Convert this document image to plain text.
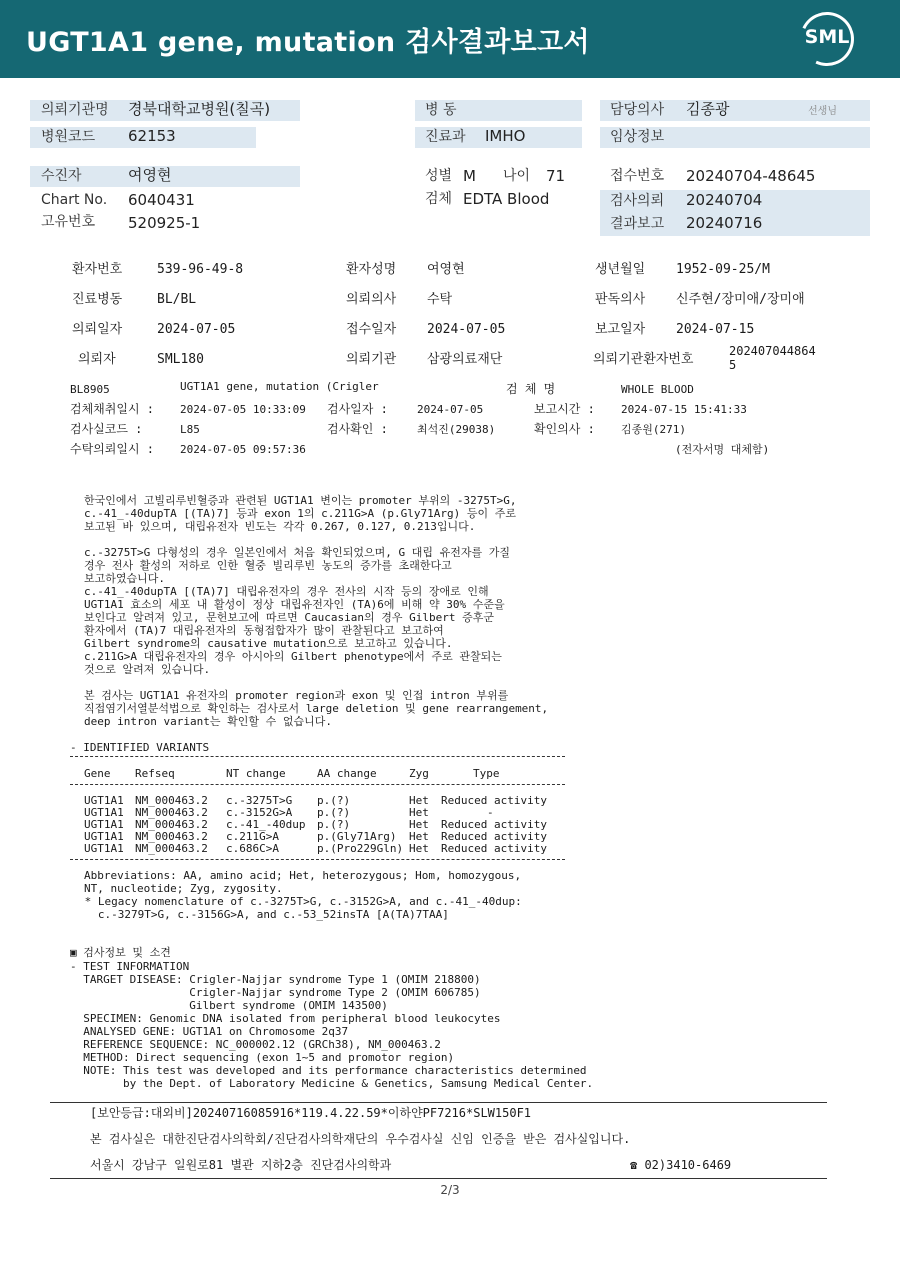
UGT1A1 gene, mutation 검사결과보고서	SML
의뢰기관명 경북대학교병원(칠곡)
병원코드 62153
병 동
진료과 IMHO
담당의사 김종광	선생님
임상정보
수진자	여영현
Chart No. 6040431
고유번호 520925-1
성별 M 나이 71
검체 EDTA Blood
접수번호 20240704-48645
검사의뢰 20240704
결과보고 20240716
환자번호	539-96-49-8	환자성명 여영현	생년월일 1952-09-25/M
진료병동	BL/BL	의뢰의사 수탁	판독의사 신주현/장미애/장미애
의뢰일자	2024-07-05	접수일자 2024-07-05	보고일자 2024-07-15
의뢰자	SML180	의뢰기관 삼광의료재단	의뢰기관환자번호
202407044864
5
BL8905	UGT1A1 gene, mutation (Crigler	검 체 명	WHOLE BLOOD
검체채취일시 : 2024-07-05 10:33:09 검사일자 :	2024-07-05	보고시간 : 2024-07-15 15:41:33
검사실코드 :	L85	검사확인 :	최석진(29038)	확인의사 : 김종원(271)
수탁의뢰일시 : 2024-07-05 09:57:36	(전자서명 대체함)
한국인에서 고빌리루빈혈증과 관련된 UGT1A1 변이는 promoter 부위의 -3275T>G,
c.-41_-40dupTA [(TA)7] 등과 exon 1의 c.211G>A (p.Gly71Arg) 등이 주로
보고된 바 있으며, 대립유전자 빈도는 각각 0.267, 0.127, 0.213입니다.
c.-3275T>G 다형성의 경우 일본인에서 처음 확인되었으며, G 대립 유전자를 가질
경우 전사 활성의 저하로 인한 혈중 빌리루빈 농도의 증가를 초래한다고
보고하였습니다.
c.-41_-40dupTA [(TA)7] 대립유전자의 경우 전사의 시작 등의 장애로 인해
UGT1A1 효소의 세포 내 활성이 정상 대립유전자인 (TA)6에 비해 약 30% 수준을
보인다고 알려져 있고, 문헌보고에 따르면 Caucasian의 경우 Gilbert 증후군
환자에서 (TA)7 대립유전자의 동형접합자가 많이 관찰된다고 보고하여
Gilbert syndrome의 causative mutation으로 보고하고 있습니다.
c.211G>A 대립유전자의 경우 아시아의 Gilbert phenotype에서 주로 관찰되는
것으로 알려져 있습니다.
본 검사는 UGT1A1 유전자의 promoter region과 exon 및 인접 intron 부위를
직접염기서열분석법으로 확인하는 검사로서 large deletion 및 gene rearrangement,
deep intron variant는 확인할 수 없습니다.
- IDENTIFIED VARIANTS
Gene Refseq	NT change	AA change	Zyg	Type
UGT1A1 NM_000463.2 c.-3275T>G p.(?)	Het Reduced activity
UGT1A1 NM_000463.2 c.-3152G>A p.(?)	Het	-
UGT1A1 NM_000463.2 c.-41_-40dup p.(?)	Het Reduced activity
UGT1A1 NM_000463.2 c.211G>A	p.(Gly71Arg) Het Reduced activity
UGT1A1 NM_000463.2 c.686C>A	p.(Pro229Gln) Het Reduced activity
Abbreviations: AA, amino acid; Het, heterozygous; Hom, homozygous,
NT, nucleotide; Zyg, zygosity.
* Legacy nomenclature of c.-3275T>G, c.-3152G>A, and c.-41_-40dup:
c.-3279T>G, c.-3156G>A, and c.-53_52insTA [A(TA)7TAA]
▣ 검사정보 및 소견
- TEST INFORMATION
TARGET DISEASE: Crigler-Najjar syndrome Type 1 (OMIM 218800)
Crigler-Najjar syndrome Type 2 (OMIM 606785)
Gilbert syndrome (OMIM 143500)
SPECIMEN: Genomic DNA isolated from peripheral blood leukocytes
ANALYSED GENE: UGT1A1 on Chromosome 2q37
REFERENCE SEQUENCE: NC_000002.12 (GRCh38), NM_000463.2
METHOD: Direct sequencing (exon 1~5 and promotor region)
NOTE: This test was developed and its performance characteristics determined
by the Dept. of Laboratory Medicine & Genetics, Samsung Medical Center.
[보안등급:대외비]20240716085916*119.4.22.59*이하얀PF7216*SLW150F1
본 검사실은 대한진단검사의학회/진단검사의학재단의 우수검사실 신임 인증을 받은 검사실입니다.
서울시 강남구 일원로81 별관 지하2층 진단검사의학과	☎ 02)3410-6469
2/3
